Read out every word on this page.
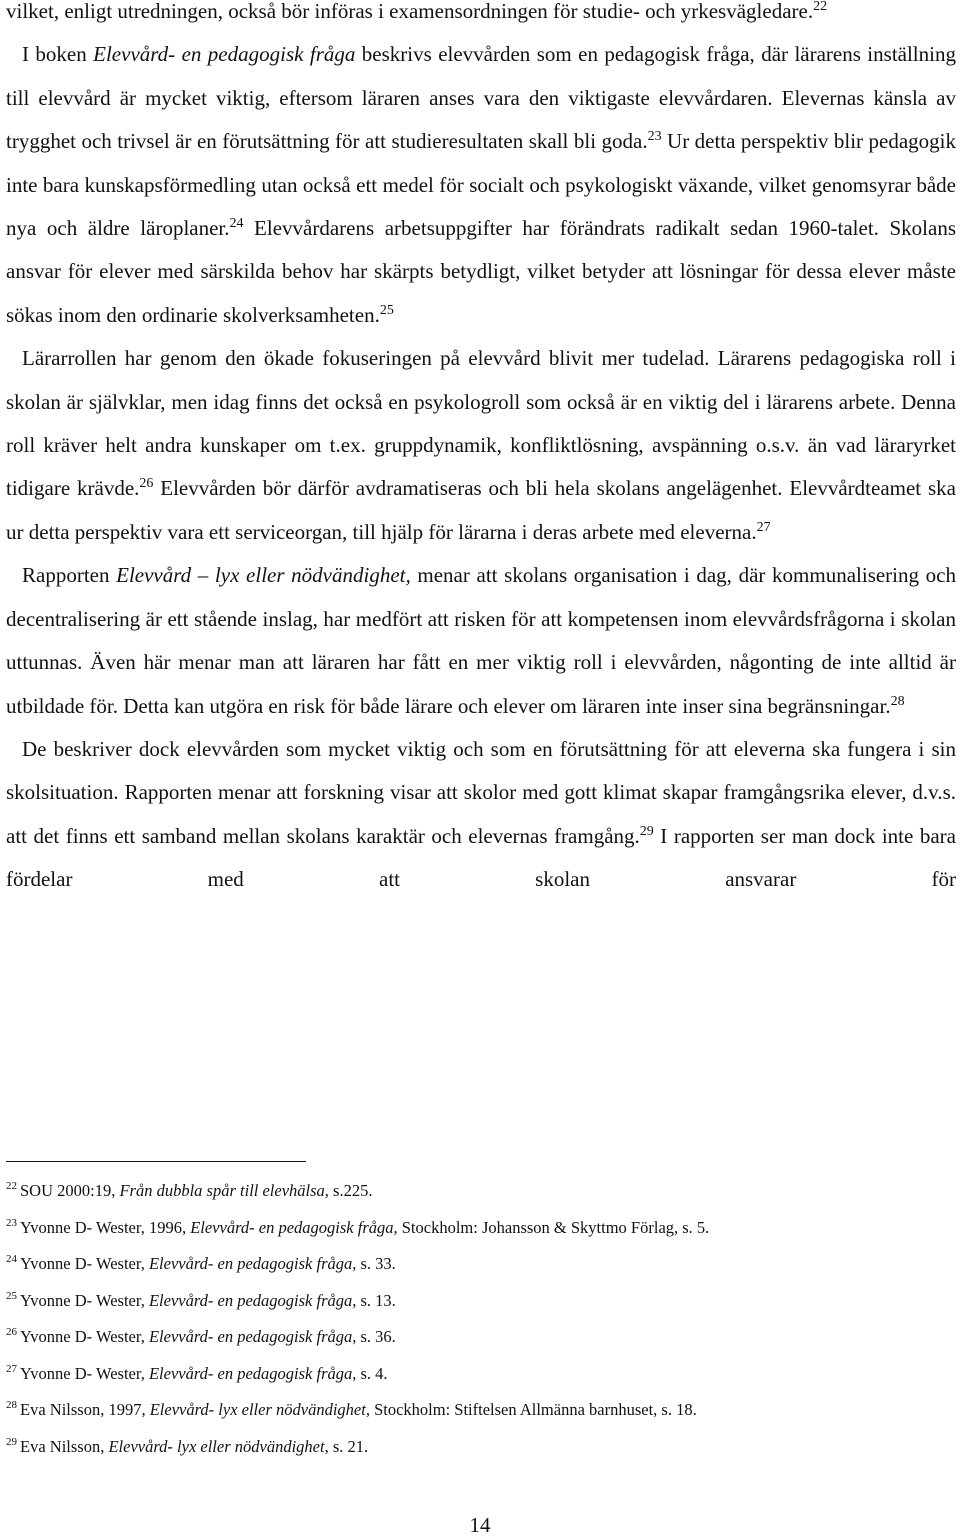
vilket, enligt utredningen, också bör införas i examensordningen för studie- och yrkesvägledare.$^{22}$

I boken Elevvård- en pedagogisk fråga beskrivs elevvården som en pedagogisk fråga, där lärarens inställning till elevvård är mycket viktig, eftersom läraren anses vara den viktigaste elevvårdaren. Elevernas känsla av trygghet och trivsel är en förutsättning för att studieresultaten skall bli goda.$^{23}$ Ur detta perspektiv blir pedagogik inte bara kunskapsförmedling utan också ett medel för socialt och psykologiskt växande, vilket genomsyrar både nya och äldre läroplaner.$^{24}$ Elevvårdarens arbetsuppgifter har förändrats radikalt sedan 1960-talet. Skolans ansvar för elever med särskilda behov har skärpts betydligt, vilket betyder att lösningar för dessa elever måste sökas inom den ordinarie skolverksamheten.$^{25}$

Lärarrollen har genom den ökade fokuseringen på elevvård blivit mer tudelad. Lärarens pedagogiska roll i skolan är självklar, men idag finns det också en psykologroll som också är en viktig del i lärarens arbete. Denna roll kräver helt andra kunskaper om t.ex. gruppdynamik, konfliktlösning, avspänning o.s.v. än vad läraryrket tidigare krävde.$^{26}$ Elevvården bör därför avdramatiseras och bli hela skolans angelägenhet. Elevvårdteamet ska ur detta perspektiv vara ett serviceorgan, till hjälp för lärarna i deras arbete med eleverna.$^{27}$

Rapporten Elevvård – lyx eller nödvändighet, menar att skolans organisation i dag, där kommunalisering och decentralisering är ett stående inslag, har medfört att risken för att kompetensen inom elevvårdsfrågorna i skolan uttunnas. Även här menar man att läraren har fått en mer viktig roll i elevvården, någonting de inte alltid är utbildade för. Detta kan utgöra en risk för både lärare och elever om läraren inte inser sina begränsningar.$^{28}$

De beskriver dock elevvården som mycket viktig och som en förutsättning för att eleverna ska fungera i sin skolsituation. Rapporten menar att forskning visar att skolor med gott klimat skapar framgångsrika elever, d.v.s. att det finns ett samband mellan skolans karaktär och elevernas framgång.$^{29}$ I rapporten ser man dock inte bara fördelar med att skolan ansvarar för

$^{22}$ SOU 2000:19, Från dubbla spår till elevhälsa, s.225.

$^{23}$ Yvonne D- Wester, 1996, Elevvård- en pedagogisk fråga, Stockholm: Johansson & Skyttmo Förlag, s. 5.

$^{24}$ Yvonne D- Wester, Elevvård- en pedagogisk fråga, s. 33.

$^{25}$ Yvonne D- Wester, Elevvård- en pedagogisk fråga, s. 13.

$^{26}$ Yvonne D- Wester, Elevvård- en pedagogisk fråga, s. 36.

$^{27}$ Yvonne D- Wester, Elevvård- en pedagogisk fråga, s. 4.

$^{28}$ Eva Nilsson, 1997, Elevvård- lyx eller nödvändighet, Stockholm: Stiftelsen Allmänna barnhuset, s. 18.

$^{29}$ Eva Nilsson, Elevvård- lyx eller nödvändighet, s. 21.

14
